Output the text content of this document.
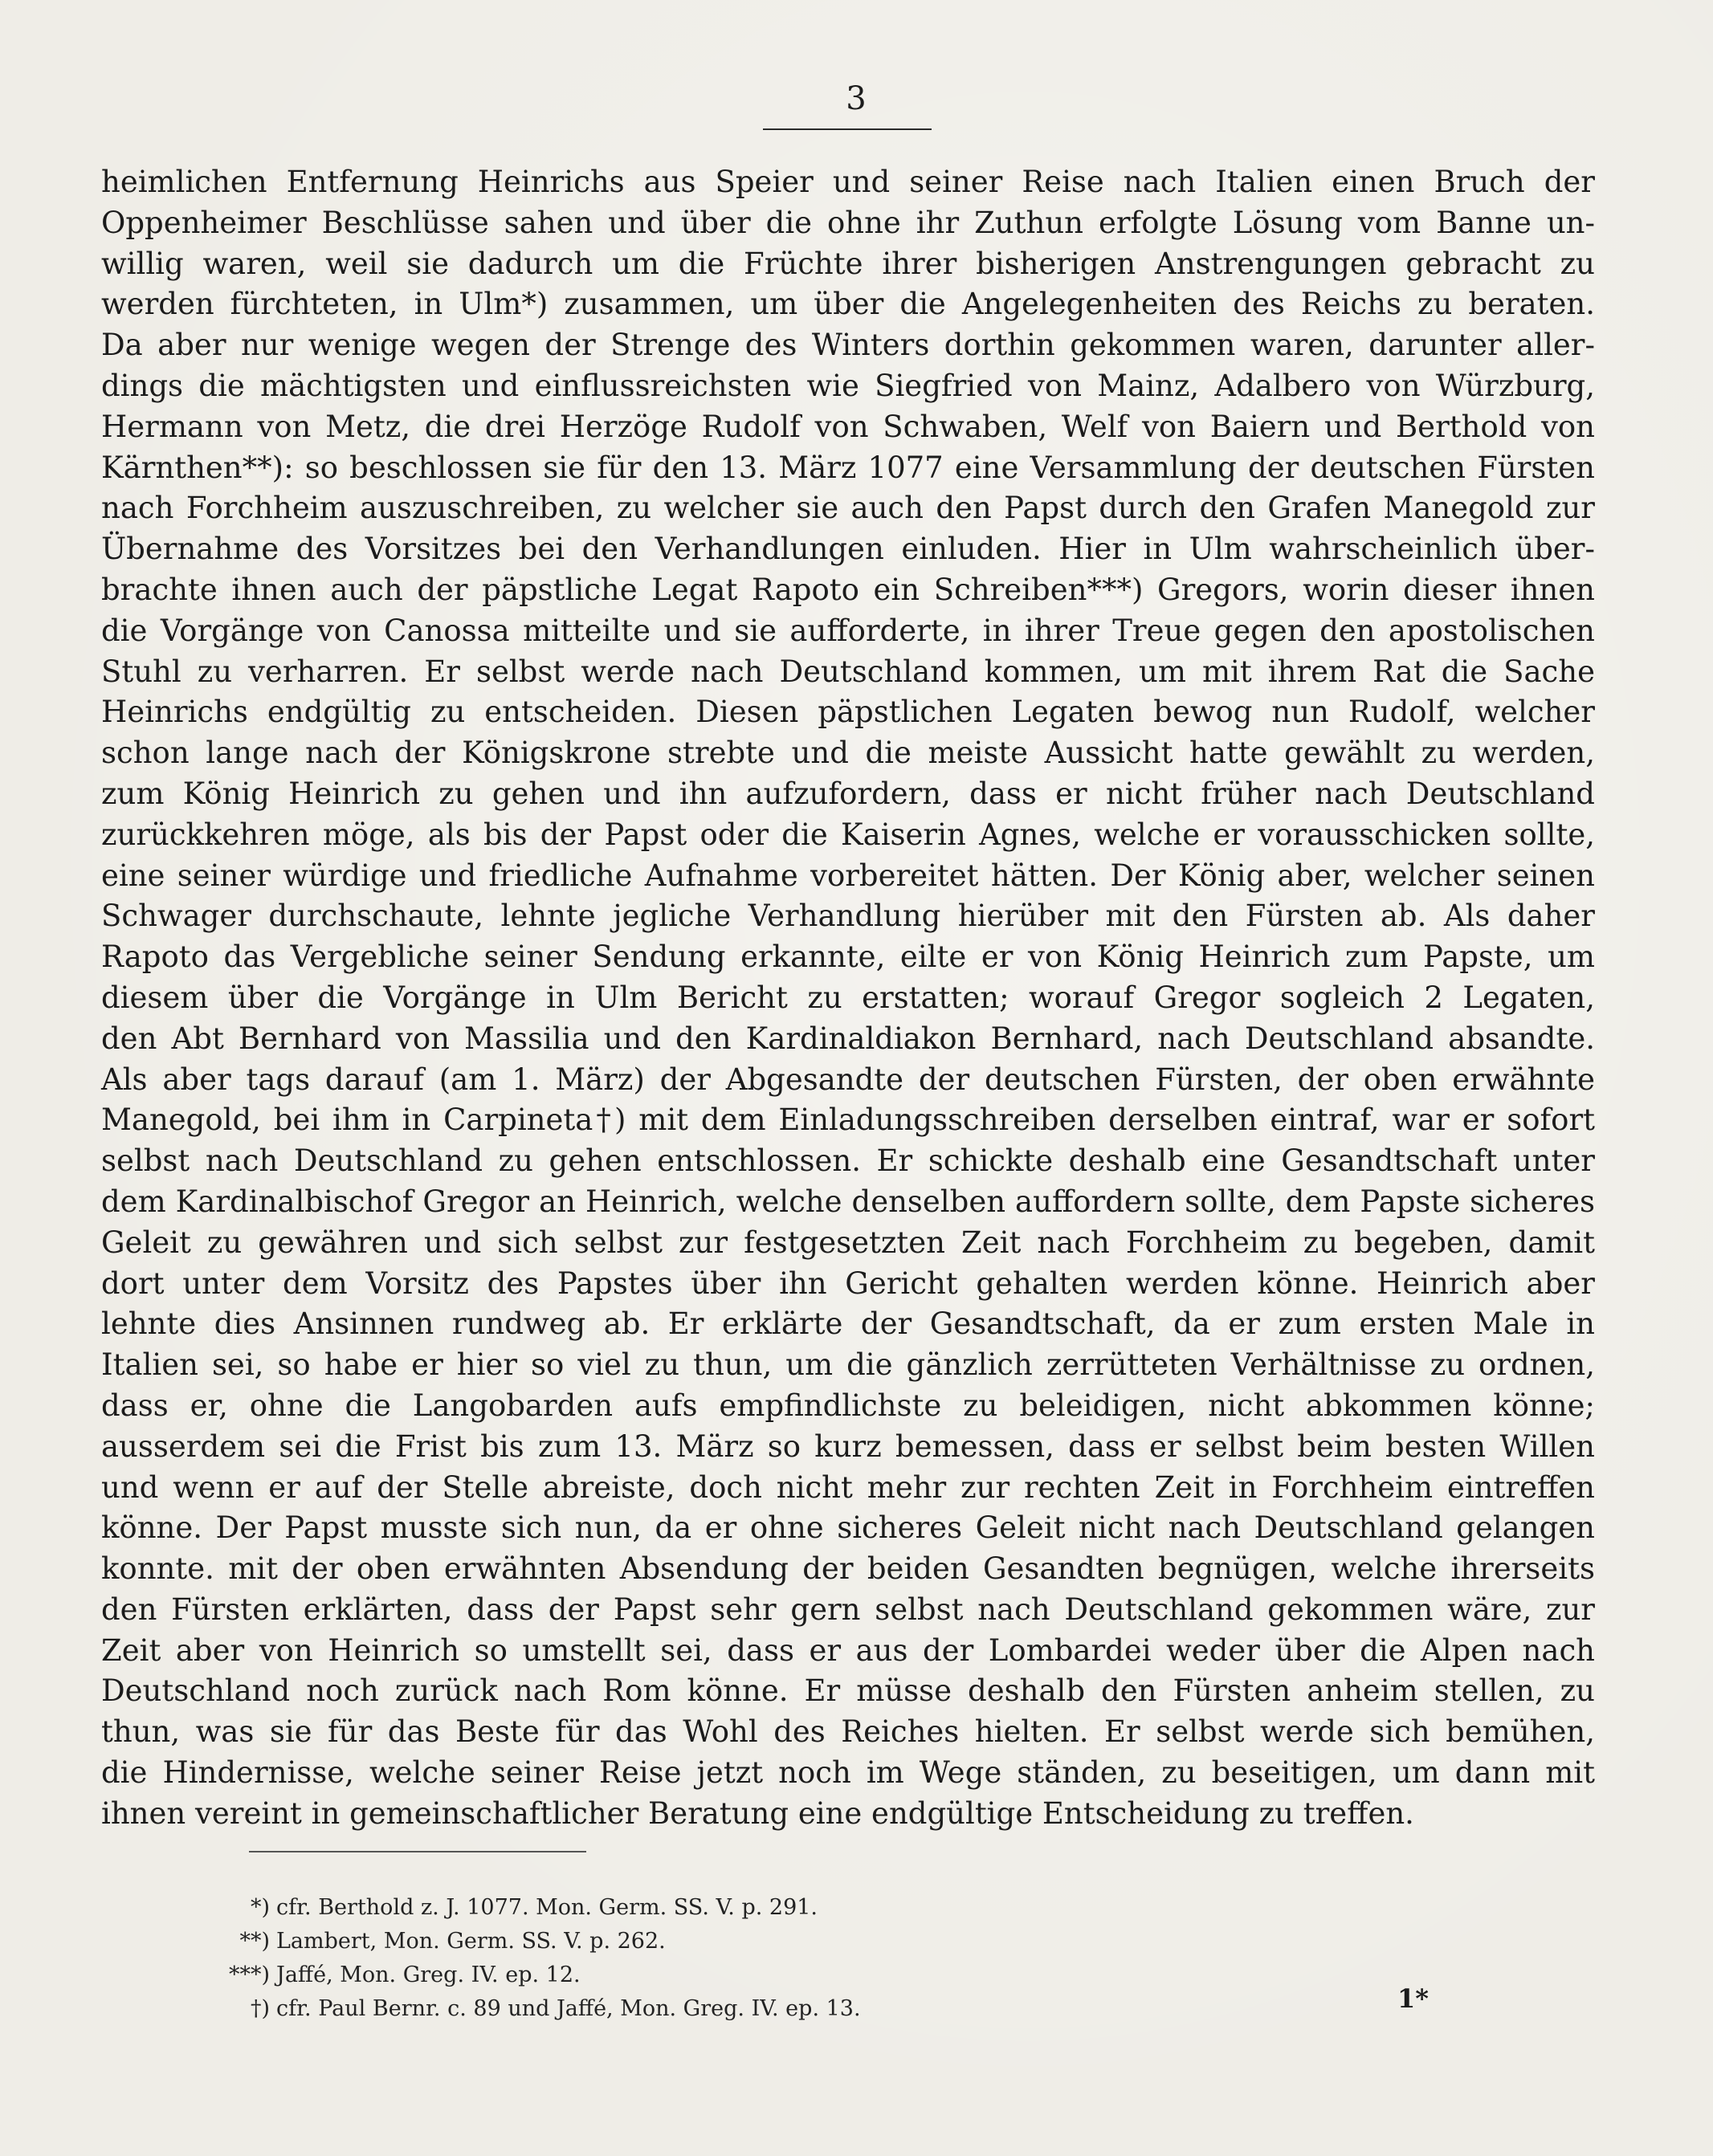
3
heimlichen Entfernung Heinrichs aus Speier und seiner Reise nach Italien einen Bruch der
Oppenheimer Beschlüsse sahen und über die ohne ihr Zuthun erfolgte Lösung vom Banne un-
willig waren, weil sie dadurch um die Früchte ihrer bisherigen Anstrengungen gebracht zu
werden fürchteten, in Ulm*) zusammen, um über die Angelegenheiten des Reichs zu beraten.
Da aber nur wenige wegen der Strenge des Winters dorthin gekommen waren, darunter aller-
dings die mächtigsten und einflussreichsten wie Siegfried von Mainz, Adalbero von Würzburg,
Hermann von Metz, die drei Herzöge Rudolf von Schwaben, Welf von Baiern und Berthold von
Kärnthen**): so beschlossen sie für den 13. März 1077 eine Versammlung der deutschen Fürsten
nach Forchheim auszuschreiben, zu welcher sie auch den Papst durch den Grafen Manegold zur
Übernahme des Vorsitzes bei den Verhandlungen einluden. Hier in Ulm wahrscheinlich über-
brachte ihnen auch der päpstliche Legat Rapoto ein Schreiben***) Gregors, worin dieser ihnen
die Vorgänge von Canossa mitteilte und sie aufforderte, in ihrer Treue gegen den apostolischen
Stuhl zu verharren. Er selbst werde nach Deutschland kommen, um mit ihrem Rat die Sache
Heinrichs endgültig zu entscheiden. Diesen päpstlichen Legaten bewog nun Rudolf, welcher
schon lange nach der Königskrone strebte und die meiste Aussicht hatte gewählt zu werden,
zum König Heinrich zu gehen und ihn aufzufordern, dass er nicht früher nach Deutschland
zurückkehren möge, als bis der Papst oder die Kaiserin Agnes, welche er vorausschicken sollte,
eine seiner würdige und friedliche Aufnahme vorbereitet hätten. Der König aber, welcher seinen
Schwager durchschaute, lehnte jegliche Verhandlung hierüber mit den Fürsten ab. Als daher
Rapoto das Vergebliche seiner Sendung erkannte, eilte er von König Heinrich zum Papste, um
diesem über die Vorgänge in Ulm Bericht zu erstatten; worauf Gregor sogleich 2 Legaten,
den Abt Bernhard von Massilia und den Kardinaldiakon Bernhard, nach Deutschland absandte.
Als aber tags darauf (am 1. März) der Abgesandte der deutschen Fürsten, der oben erwähnte
Manegold, bei ihm in Carpineta†) mit dem Einladungsschreiben derselben eintraf, war er sofort
selbst nach Deutschland zu gehen entschlossen. Er schickte deshalb eine Gesandtschaft unter
dem Kardinalbischof Gregor an Heinrich, welche denselben auffordern sollte, dem Papste sicheres
Geleit zu gewähren und sich selbst zur festgesetzten Zeit nach Forchheim zu begeben, damit
dort unter dem Vorsitz des Papstes über ihn Gericht gehalten werden könne. Heinrich aber
lehnte dies Ansinnen rundweg ab. Er erklärte der Gesandtschaft, da er zum ersten Male in
Italien sei, so habe er hier so viel zu thun, um die gänzlich zerrütteten Verhältnisse zu ordnen,
dass er, ohne die Langobarden aufs empfindlichste zu beleidigen, nicht abkommen könne;
ausserdem sei die Frist bis zum 13. März so kurz bemessen, dass er selbst beim besten Willen
und wenn er auf der Stelle abreiste, doch nicht mehr zur rechten Zeit in Forchheim eintreffen
könne. Der Papst musste sich nun, da er ohne sicheres Geleit nicht nach Deutschland gelangen
konnte. mit der oben erwähnten Absendung der beiden Gesandten begnügen, welche ihrerseits
den Fürsten erklärten, dass der Papst sehr gern selbst nach Deutschland gekommen wäre, zur
Zeit aber von Heinrich so umstellt sei, dass er aus der Lombardei weder über die Alpen nach
Deutschland noch zurück nach Rom könne. Er müsse deshalb den Fürsten anheim stellen, zu
thun, was sie für das Beste für das Wohl des Reiches hielten. Er selbst werde sich bemühen,
die Hindernisse, welche seiner Reise jetzt noch im Wege ständen, zu beseitigen, um dann mit
ihnen vereint in gemeinschaftlicher Beratung eine endgültige Entscheidung zu treffen.
*) cfr. Berthold z. J. 1077. Mon. Germ. SS. V. p. 291.
**) Lambert, Mon. Germ. SS. V. p. 262.
***) Jaffé, Mon. Greg. IV. ep. 12.
†) cfr. Paul Bernr. c. 89 und Jaffé, Mon. Greg. IV. ep. 13.	1*
